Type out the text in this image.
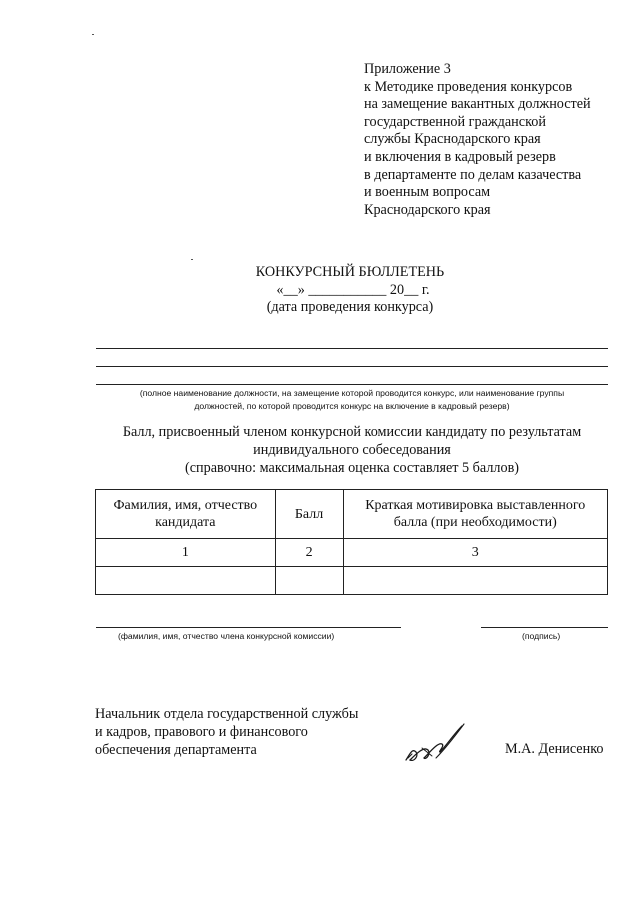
Приложение 3
к Методике проведения конкурсов
на замещение вакантных должностей
государственной гражданской
службы Краснодарского края
и включения в кадровый резерв
в департаменте по делам казачества
и военным вопросам
Краснодарского края
КОНКУРСНЫЙ БЮЛЛЕТЕНЬ
«__» ___________ 20__ г.
(дата проведения конкурса)
(полное наименование должности, на замещение которой проводится конкурс, или наименование группы
должностей, по которой проводится конкурс на включение в кадровый резерв)
Балл, присвоенный членом конкурсной комиссии кандидату по результатам
индивидуального собеседования
(справочно: максимальная оценка составляет 5 баллов)
Фамилия, имя, отчество кандидата	Балл	Краткая мотивировка выставленного балла (при необходимости)
1	2	3

(фамилия, имя, отчество члена конкурсной комиссии)	(подпись)
Начальник отдела государственной службы
и кадров, правового и финансового
обеспечения департамента	М.А. Денисенко
